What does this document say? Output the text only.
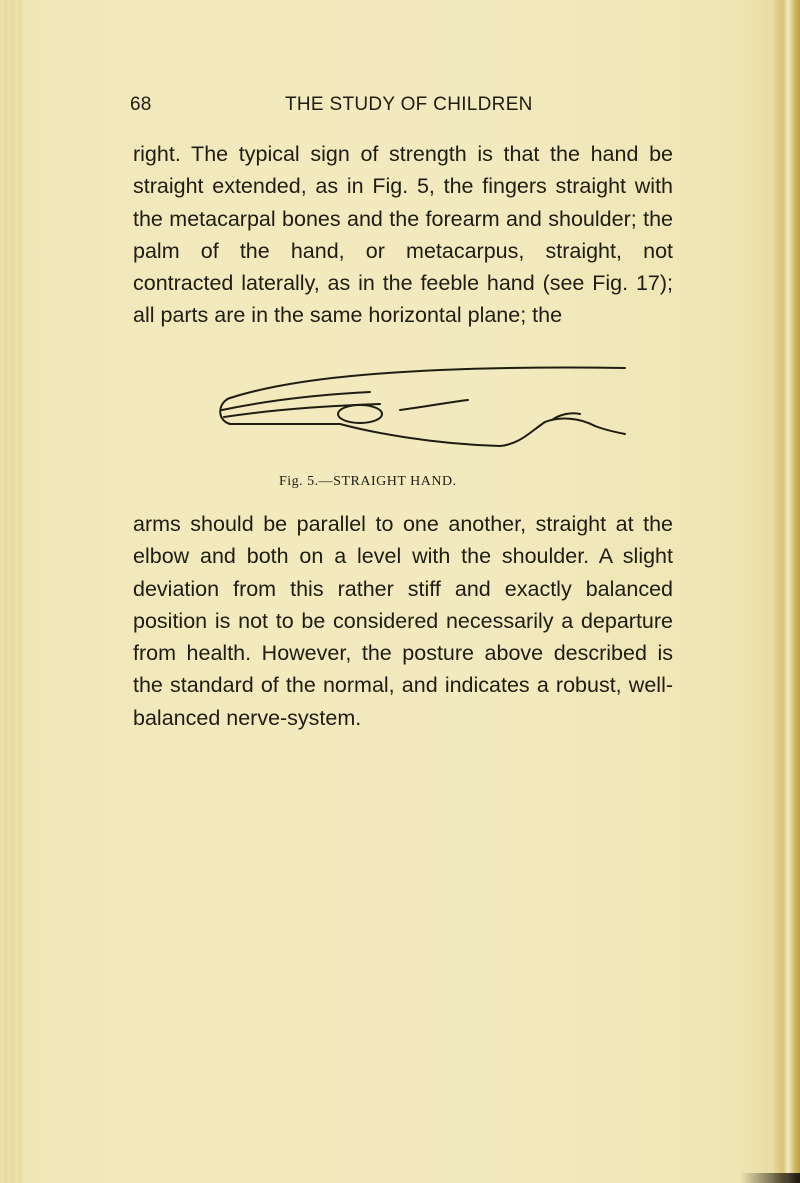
68	THE STUDY OF CHILDREN
right. The typical sign of strength is that the hand be straight extended, as in Fig. 5, the fingers straight with the metacarpal bones and the forearm and shoulder; the palm of the hand, or metacarpus, straight, not contracted laterally, as in the feeble hand (see Fig. 17); all parts are in the same horizontal plane; the
Fig. 5.—STRAIGHT HAND.
arms should be parallel to one another, straight at the elbow and both on a level with the shoulder. A slight deviation from this rather stiff and exactly balanced position is not to be considered necessarily a departure from health. However, the posture above described is the standard of the normal, and indicates a robust, well-balanced nerve-system.
